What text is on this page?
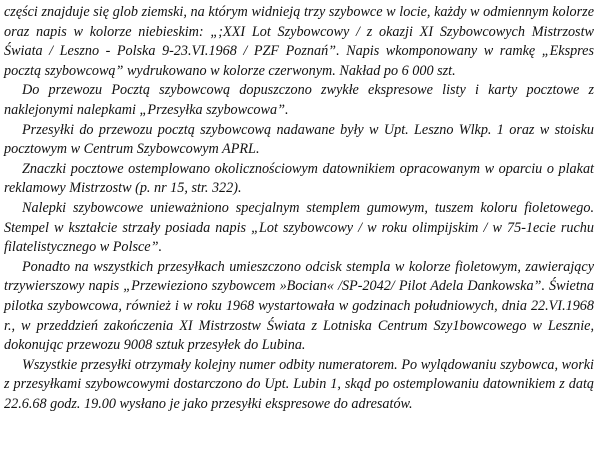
części znajduje się glob ziemski, na którym widnieją trzy szybowce w locie, każdy w odmiennym kolorze oraz napis w kolorze niebieskim: „;XXI Lot Szybowcowy / z okazji XI Szybowcowych Mistrzostw Świata / Leszno - Polska 9-23.VI.1968 / PZF Poznań”. Napis wkomponowany w ramkę „Ekspres pocztą szybowcową” wydrukowano w kolorze czerwonym. Nakład po 6 000 szt.

Do przewozu Pocztą szybowcową dopuszczono zwykłe ekspresowe listy i karty pocztowe z naklejonymi nalepkami „Przesyłka szybowcowa”.

Przesyłki do przewozu pocztą szybowcową nadawane były w Upt. Leszno Wlkp. 1 oraz w stoisku pocztowym w Centrum Szybowcowym APRL.

Znaczki pocztowe ostemplowano okolicznościowym datownikiem opracowanym w oparciu o plakat reklamowy Mistrzostw (p. nr 15, str. 322).

Nalepki szybowcowe unieważniono specjalnym stemplem gumowym, tuszem koloru fioletowego. Stempel w kształcie strzały posiada napis „Lot szybowcowy / w roku olimpijskim / w 75-1ecie ruchu filatelistycznego w Polsce”.

Ponadto na wszystkich przesyłkach umieszczono odcisk stempla w kolorze fioletowym, zawierający trzywierszowy napis „Przewieziono szybowcem »Bocian« /SP-2042/ Pilot Adela Dankowska”. Świetna pilotka szybowcowa, również i w roku 1968 wystartowała w godzinach południowych, dnia 22.VI.1968 r., w przeddzień zakończenia XI Mistrzostw Świata z Lotniska Centrum Szy1bowcowego w Lesznie, dokonując przewozu 9008 sztuk przesyłek do Lubina.

Wszystkie przesyłki otrzymały kolejny numer odbity numeratorem. Po wylądowaniu szybowca, worki z przesyłkami szybowcowymi dostarczono do Upt. Lubin 1, skąd po ostemplowaniu datownikiem z datą 22.6.68 godz. 19.00 wysłano je jako przesyłki ekspresowe do adresatów.
